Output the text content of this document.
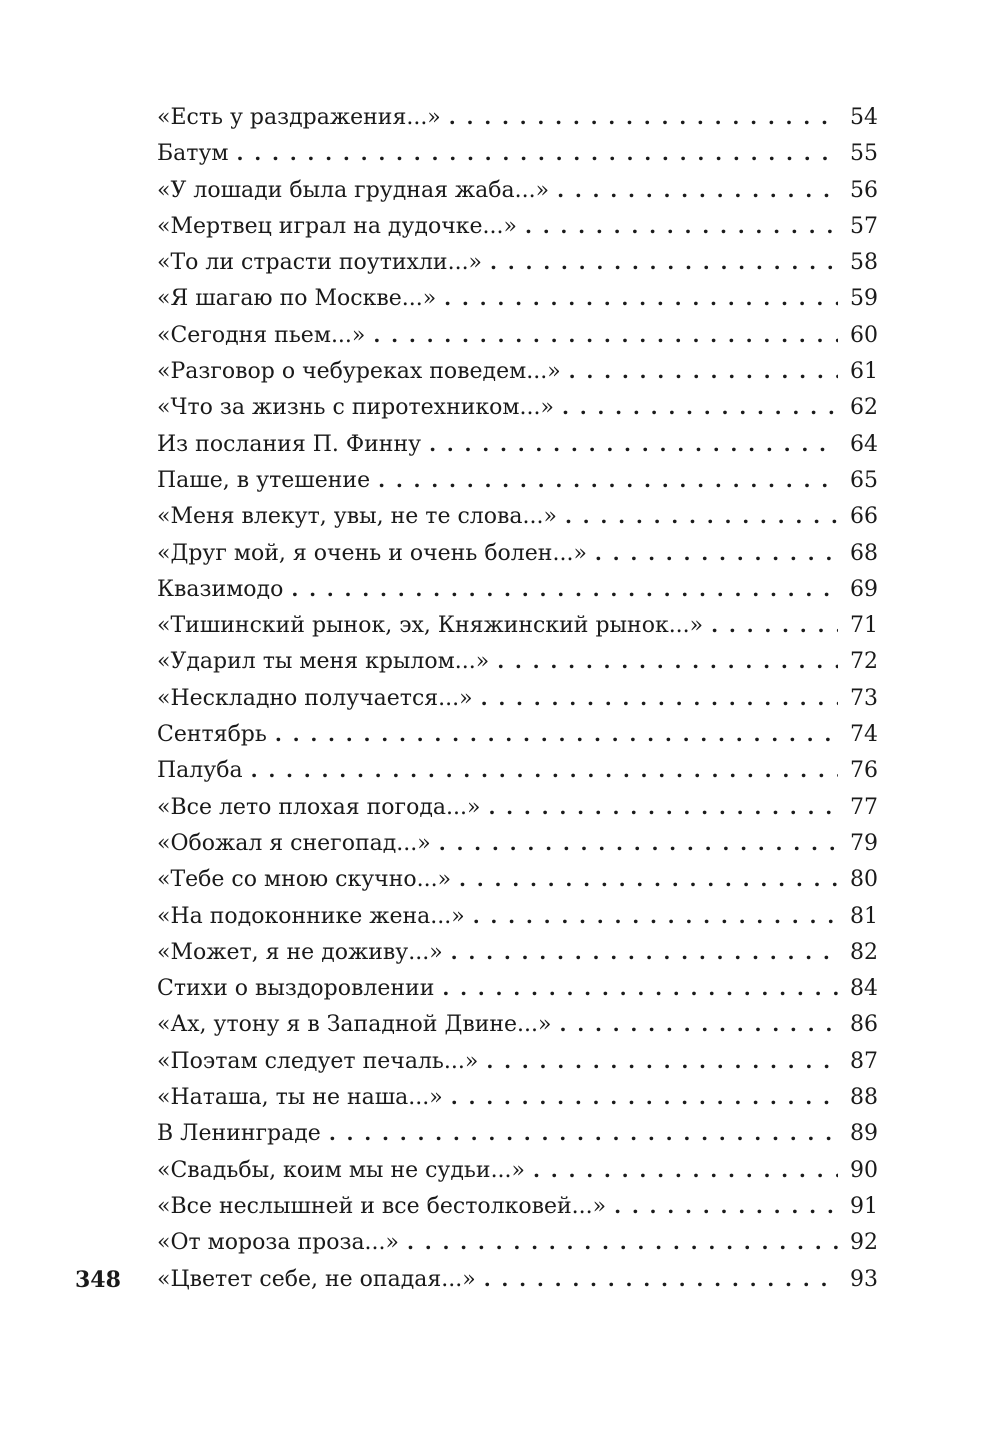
«Есть у раздражения...» . . .	54
Батум . . .	55
«У лошади была грудная жаба...» . . .	56
«Мертвец играл на дудочке...» . . .	57
«То ли страсти поутихли...» . . .	58
«Я шагаю по Москве...» . . .	59
«Сегодня пьем...» . . .	60
«Разговор о чебуреках поведем...» . . .	61
«Что за жизнь с пиротехником...» . . .	62
Из послания П. Финну . . .	64
Паше, в утешение . . .	65
«Меня влекут, увы, не те слова...» . . .	66
«Друг мой, я очень и очень болен...» . . .	68
Квазимодо . . .	69
«Тишинский рынок, эх, Княжинский рынок...» . . .	71
«Ударил ты меня крылом...» . . .	72
«Нескладно получается...» . . .	73
Сентябрь . . .	74
Палуба . . .	76
«Все лето плохая погода...» . . .	77
«Обожал я снегопад...» . . .	79
«Тебе со мною скучно...» . . .	80
«На подоконнике жена...» . . .	81
«Может, я не доживу...» . . .	82
Стихи о выздоровлении . . .	84
«Ах, утону я в Западной Двине...» . . .	86
«Поэтам следует печаль...» . . .	87
«Наташа, ты не наша...» . . .	88
В Ленинграде . . .	89
«Свадьбы, коим мы не судьи...» . . .	90
«Все неслышней и все бестолковей...» . . .	91
«От мороза проза...» . . .	92
«Цветет себе, не опадая...» . . .	93
348
